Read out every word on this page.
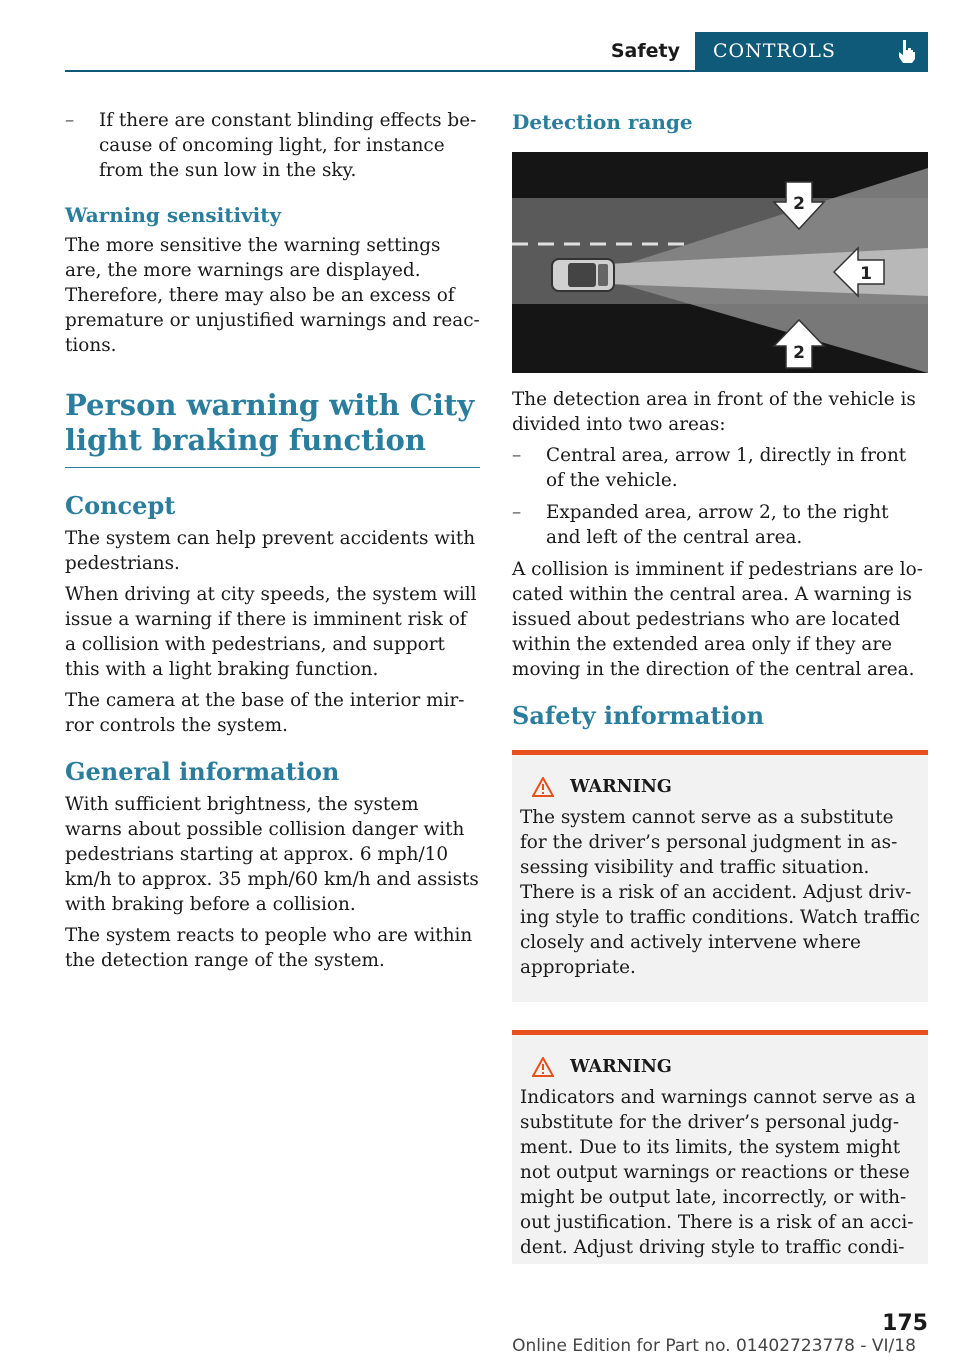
Safety	CONTROLS
–	If there are constant blinding effects because of oncoming light, for instance from the sun low in the sky.
Warning sensitivity

The more sensitive the warning settings are, the more warnings are displayed. Therefore, there may also be an excess of premature or unjustified warnings and reactions.

Person warning with City light braking function
Concept

The system can help prevent accidents with pedestrians.

When driving at city speeds, the system will issue a warning if there is imminent risk of a collision with pedestrians, and support this with a light braking function.

The camera at the base of the interior mirror controls the system.

General information

With sufficient brightness, the system warns about possible collision danger with pedestrians starting at approx. 6 mph/10 km/h to approx. 35 mph/60 km/h and assists with braking before a collision.

The system reacts to people who are within the detection range of the system.

Detection range
2
1
2

The detection area in front of the vehicle is divided into two areas:

–	Central area, arrow 1, directly in front of the vehicle.
–	Expanded area, arrow 2, to the right and left of the central area.

A collision is imminent if pedestrians are located within the central area. A warning is issued about pedestrians who are located within the extended area only if they are moving in the direction of the central area.

Safety information
WARNING

The system cannot serve as a substitute for the driver’s personal judgment in assessing visibility and traffic situation. There is a risk of an accident. Adjust driving style to traffic conditions. Watch traffic closely and actively intervene where appropriate.

WARNING

Indicators and warnings cannot serve as a substitute for the driver’s personal judgment. Due to its limits, the system might not output warnings or reactions or these might be output late, incorrectly, or without justification. There is a risk of an accident. Adjust driving style to traffic condi-

175
Online Edition for Part no. 01402723778 - VI/18
